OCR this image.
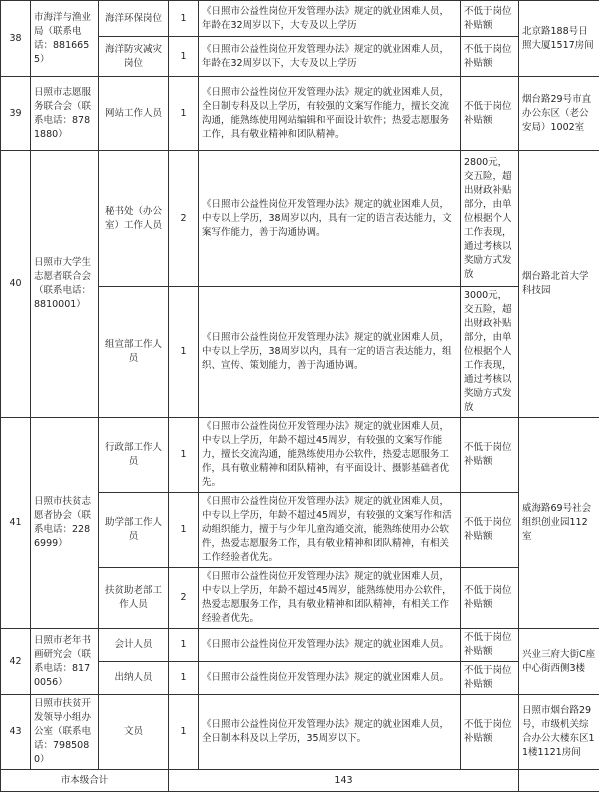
38	市海洋与渔业局（联系电话：8816655）	海洋环保岗位	1	《日照市公益性岗位开发管理办法》规定的就业困难人员，年龄在32周岁以下，大专及以上学历	不低于岗位补贴额	北京路188号日照大厦1517房间
		海洋防灾减灾岗位	1	《日照市公益性岗位开发管理办法》规定的就业困难人员，年龄在32周岁以下，大专及以上学历	不低于岗位补贴额	
39	日照市志愿服务联合会（联系电话：8781880）	网站工作人员	1	《日照市公益性岗位开发管理办法》规定的就业困难人员，全日制专科及以上学历，有较强的文案写作能力，擅长交流沟通，能熟练使用网站编辑和平面设计软件；热爱志愿服务工作，具有敬业精神和团队精神。	不低于岗位补贴额	烟台路29号市直办公东区（老公安局）1002室
40	日照市大学生志愿者联合会（联系电话：8810001）	秘书处（办公室）工作人员	2	《日照市公益性岗位开发管理办法》规定的就业困难人员，中专以上学历，38周岁以内，具有一定的语言表达能力，文案写作能力，善于沟通协调。	2800元，交五险，超出财政补贴部分，由单位根据个人工作表现，通过考核以奖励方式发放	烟台路北首大学科技园
		组宣部工作人员	1	《日照市公益性岗位开发管理办法》规定的就业困难人员，中专以上学历，38周岁以内，具有一定的语言表达能力，组织、宣传、策划能力，善于沟通协调。	3000元，交五险，超出财政补贴部分，由单位根据个人工作表现，通过考核以奖励方式发放	
41	日照市扶贫志愿者协会（联系电话：2286999）	行政部工作人员	1	《日照市公益性岗位开发管理办法》规定的就业困难人员，中专以上学历，年龄不超过45周岁，有较强的文案写作能力，擅长交流沟通，能熟练使用办公软件，热爱志愿服务工作，具有敬业精神和团队精神，有平面设计、摄影基础者优先。	不低于岗位补贴额	威海路69号社会组织创业园112室
		助学部工作人员	1	《日照市公益性岗位开发管理办法》规定的就业困难人员，中专以上学历，年龄不超过45周岁，有较强的文案写作和活动组织能力，擅于与少年儿童沟通交流，能熟练使用办公软件，热爱志愿服务工作，具有敬业精神和团队精神，有相关工作经验者优先。	不低于岗位补贴额	
		扶贫助老部工作人员	2	《日照市公益性岗位开发管理办法》规定的就业困难人员，中专以上学历，年龄不超过45周岁，能熟练使用办公软件，热爱志愿服务工作，具有敬业精神和团队精神，有相关工作经验者优先。	不低于岗位补贴额	
42	日照市老年书画研究会（联系电话：8170056）	会计人员	1	《日照市公益性岗位开发管理办法》规定的就业困难人员。	不低于岗位补贴额	兴业三府大街C座中心街西侧3楼
		出纳人员	1	《日照市公益性岗位开发管理办法》规定的就业困难人员。	不低于岗位补贴额	
43	日照市扶贫开发领导小组办公室（联系电话：7985080）	文员	1	《日照市公益性岗位开发管理办法》规定的就业困难人员，全日制本科及以上学历，35周岁以下。	不低于岗位补贴额	日照市烟台路29号，市级机关综合办公大楼东区11楼1121房间
市本级合计			143			
